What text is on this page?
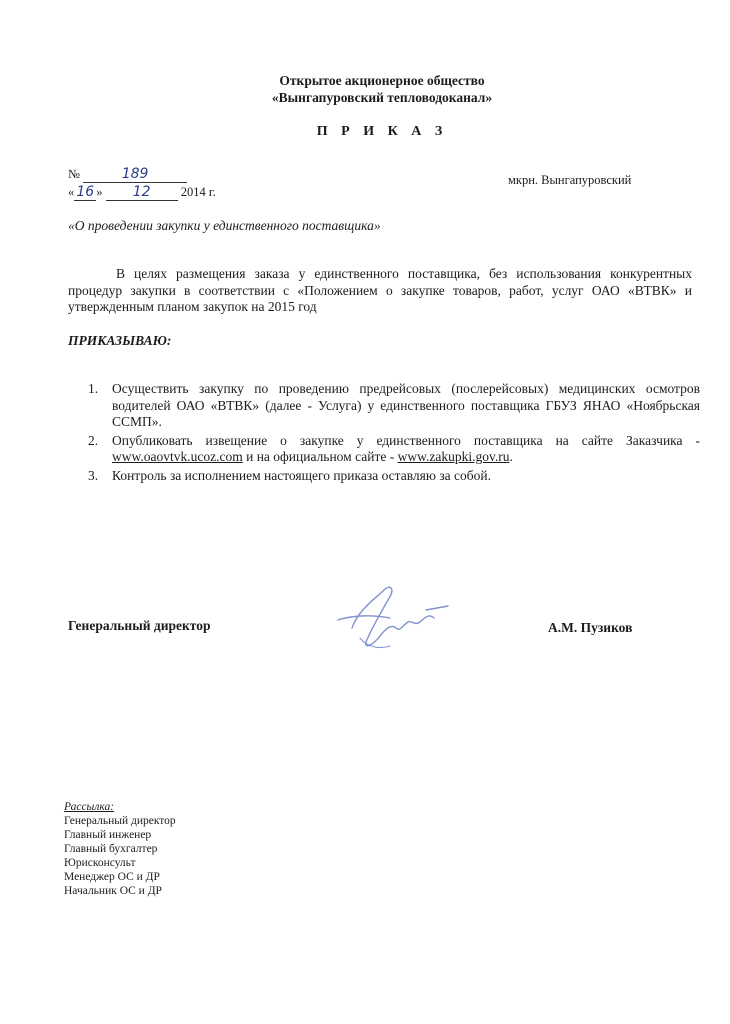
Открытое акционерное общество
«Вынгапуровский тепловодоканал»
П Р И К А З
№	189
« 16 » 12 2014 г.
мкрн. Вынгапуровский
«О проведении закупки у единственного поставщика»
В целях размещения заказа у единственного поставщика, без использования конкурентных процедур закупки в соответствии с «Положением о закупке товаров, работ, услуг ОАО «ВТВК» и утвержденным планом закупок на 2015 год
ПРИКАЗЫВАЮ:
1.	Осуществить закупку по проведению предрейсовых (послерейсовых) медицинских осмотров водителей ОАО «ВТВК» (далее - Услуга) у единственного поставщика ГБУЗ ЯНАО «Ноябрьская ССМП».
2.	Опубликовать извещение о закупке у единственного поставщика на сайте Заказчика - www.oaovtvk.ucoz.com и на официальном сайте - www.zakupki.gov.ru.
3.	Контроль за исполнением настоящего приказа оставляю за собой.
Генеральный директор	А.М. Пузиков
Рассылка:
Генеральный директор
Главный инженер
Главный бухгалтер
Юрисконсульт
Менеджер ОС и ДР
Начальник ОС и ДР
